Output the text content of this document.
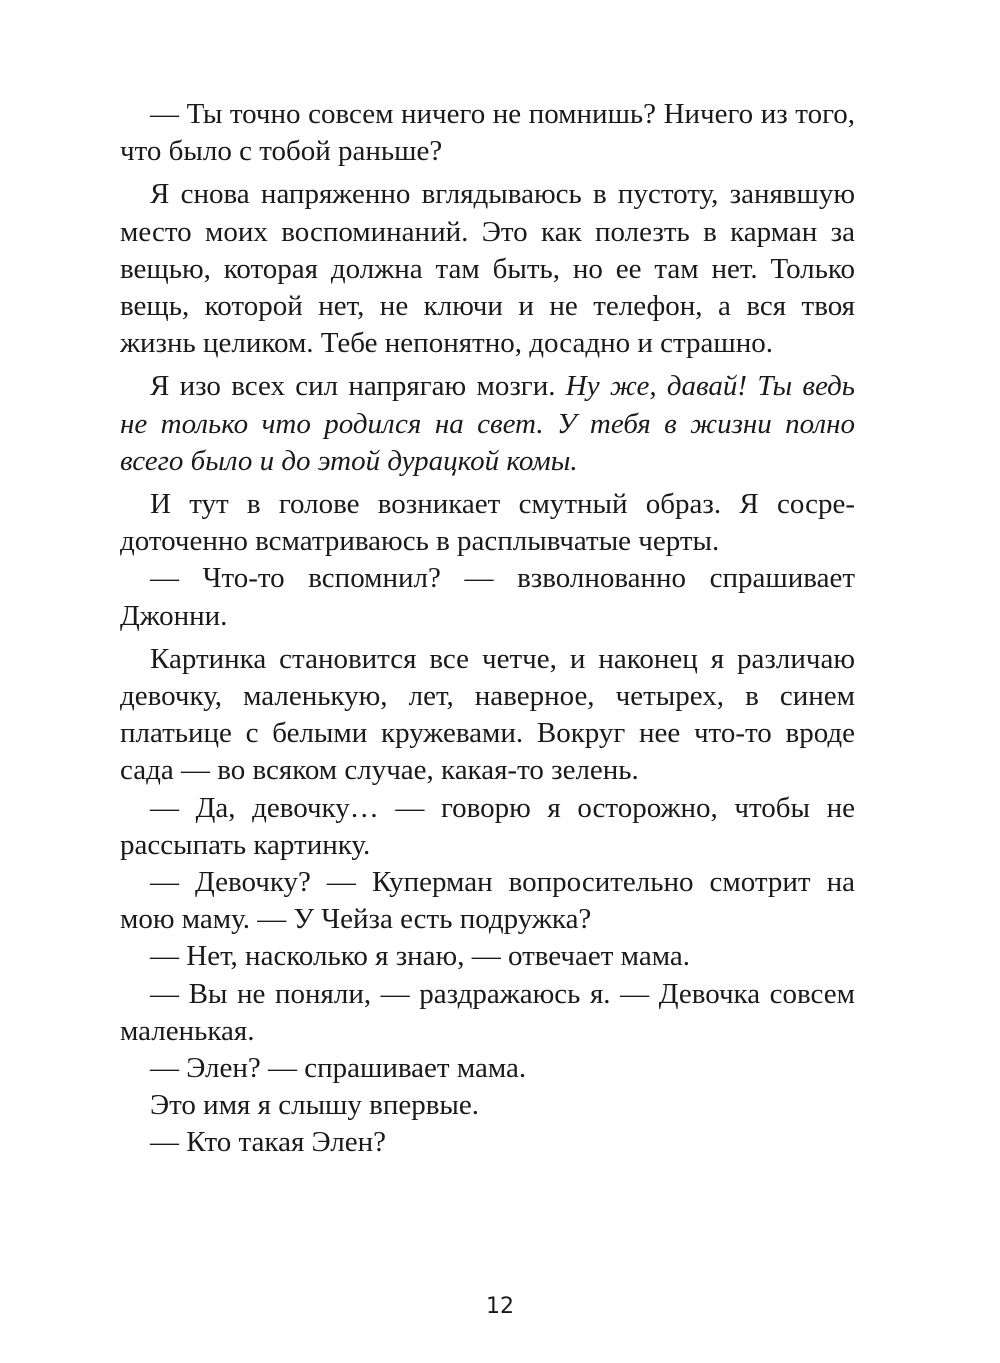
— Ты точно совсем ничего не помнишь? Ничего из того, что было с тобой раньше?

Я снова напряженно вглядываюсь в пустоту, занявшую место моих воспоминаний. Это как полезть в карман за вещью, которая должна там быть, но ее там нет. Только вещь, которой нет, не ключи и не телефон, а вся твоя жизнь целиком. Тебе непонятно, досадно и страшно.

Я изо всех сил напрягаю мозги. Ну же, давай! Ты ведь не только что родился на свет. У тебя в жизни полно всего было и до этой дурацкой комы.

И тут в голове возникает смутный образ. Я сосредоточенно всматриваюсь в расплывчатые черты.

— Что-то вспомнил? — взволнованно спрашивает Джонни.

Картинка становится все четче, и наконец я различаю девочку, маленькую, лет, наверное, четырех, в синем платьице с белыми кружевами. Вокруг нее что-то вроде сада — во всяком случае, какая-то зелень.

— Да, девочку… — говорю я осторожно, чтобы не рассыпать картинку.

— Девочку? — Куперман вопросительно смотрит на мою маму. — У Чейза есть подружка?

— Нет, насколько я знаю, — отвечает мама.

— Вы не поняли, — раздражаюсь я. — Девочка совсем маленькая.

— Элен? — спрашивает мама.

Это имя я слышу впервые.

— Кто такая Элен?

12
